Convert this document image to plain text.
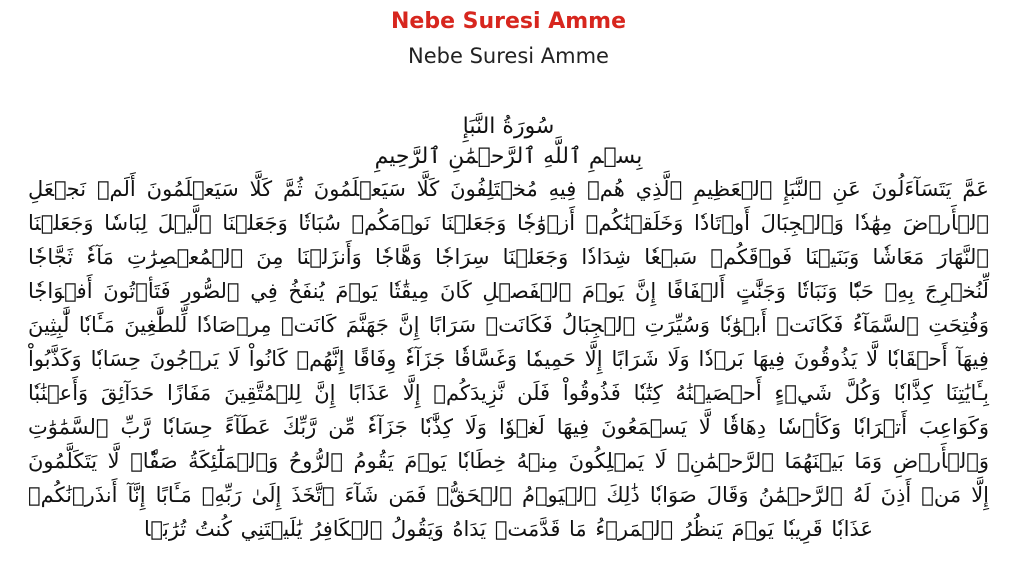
Nebe Suresi Amme
Nebe Suresi Amme

سُورَةُ النَّبَإِ

بِسۡمِ ٱللَّهِ ٱلرَّحۡمَٰنِ ٱلرَّحِيمِ

عَمَّ يَتَسَآءَلُونَ عَنِ ٱلنَّبَإِ ٱلۡعَظِيمِ ٱلَّذِي هُمۡ فِيهِ مُخۡتَلِفُونَ كَلَّا سَيَعۡلَمُونَ ثُمَّ كَلَّا سَيَعۡلَمُونَ أَلَمۡ نَجۡعَلِ ٱلۡأَرۡضَ مِهَٰدٗا وَٱلۡجِبَالَ أَوۡتَادٗا وَخَلَقۡنَٰكُمۡ أَزۡوَٰجٗا وَجَعَلۡنَا نَوۡمَكُمۡ سُبَاتٗا وَجَعَلۡنَا ٱلَّيۡلَ لِبَاسٗا وَجَعَلۡنَا ٱلنَّهَارَ مَعَاشٗا وَبَنَيۡنَا فَوۡقَكُمۡ سَبۡعٗا شِدَادٗا وَجَعَلۡنَا سِرَاجٗا وَهَّاجٗا وَأَنزَلۡنَا مِنَ ٱلۡمُعۡصِرَٰتِ مَآءٗ ثَجَّاجٗا لِّنُخۡرِجَ بِهِۦ حَبّٗا وَنَبَاتٗا وَجَنَّٰتٍ أَلۡفَافًا إِنَّ يَوۡمَ ٱلۡفَصۡلِ كَانَ مِيقَٰتٗا يَوۡمَ يُنفَخُ فِي ٱلصُّورِ فَتَأۡتُونَ أَفۡوَاجٗا وَفُتِحَتِ ٱلسَّمَآءُ فَكَانَتۡ أَبۡوَٰبٗا وَسُيِّرَتِ ٱلۡجِبَالُ فَكَانَتۡ سَرَابًا إِنَّ جَهَنَّمَ كَانَتۡ مِرۡصَادٗا لِّلطَّٰغِينَ مَـَٔابٗا لَّٰبِثِينَ فِيهَآ أَحۡقَابٗا لَّا يَذُوقُونَ فِيهَا بَرۡدٗا وَلَا شَرَابًا إِلَّا حَمِيمٗا وَغَسَّاقٗا جَزَآءٗ وِفَاقًا إِنَّهُمۡ كَانُواْ لَا يَرۡجُونَ حِسَابٗا وَكَذَّبُواْ بِـَٔايَٰتِنَا كِذَّابٗا وَكُلَّ شَيۡءٍ أَحۡصَيۡنَٰهُ كِتَٰبٗا فَذُوقُواْ فَلَن نَّزِيدَكُمۡ إِلَّا عَذَابًا إِنَّ لِلۡمُتَّقِينَ مَفَازًا حَدَآئِقَ وَأَعۡنَٰبٗا وَكَوَاعِبَ أَتۡرَابٗا وَكَأۡسٗا دِهَاقٗا لَّا يَسۡمَعُونَ فِيهَا لَغۡوٗا وَلَا كِذَّٰبٗا جَزَآءٗ مِّن رَّبِّكَ عَطَآءً حِسَابٗا رَّبِّ ٱلسَّمَٰوَٰتِ وَٱلۡأَرۡضِ وَمَا بَيۡنَهُمَا ٱلرَّحۡمَٰنِۖ لَا يَمۡلِكُونَ مِنۡهُ خِطَابٗا يَوۡمَ يَقُومُ ٱلرُّوحُ وَٱلۡمَلَٰٓئِكَةُ صَفّٗاۖ لَّا يَتَكَلَّمُونَ إِلَّا مَنۡ أَذِنَ لَهُ ٱلرَّحۡمَٰنُ وَقَالَ صَوَابٗا ذَٰلِكَ ٱلۡيَوۡمُ ٱلۡحَقُّۖ فَمَن شَآءَ ٱتَّخَذَ إِلَىٰ رَبِّهِۦ مَـَٔابًا إِنَّآ أَنذَرۡنَٰكُمۡ عَذَابٗا قَرِيبٗا يَوۡمَ يَنظُرُ ٱلۡمَرۡءُ مَا قَدَّمَتۡ يَدَاهُ وَيَقُولُ ٱلۡكَافِرُ يَٰلَيۡتَنِي كُنتُ تُرَٰبَۢا
